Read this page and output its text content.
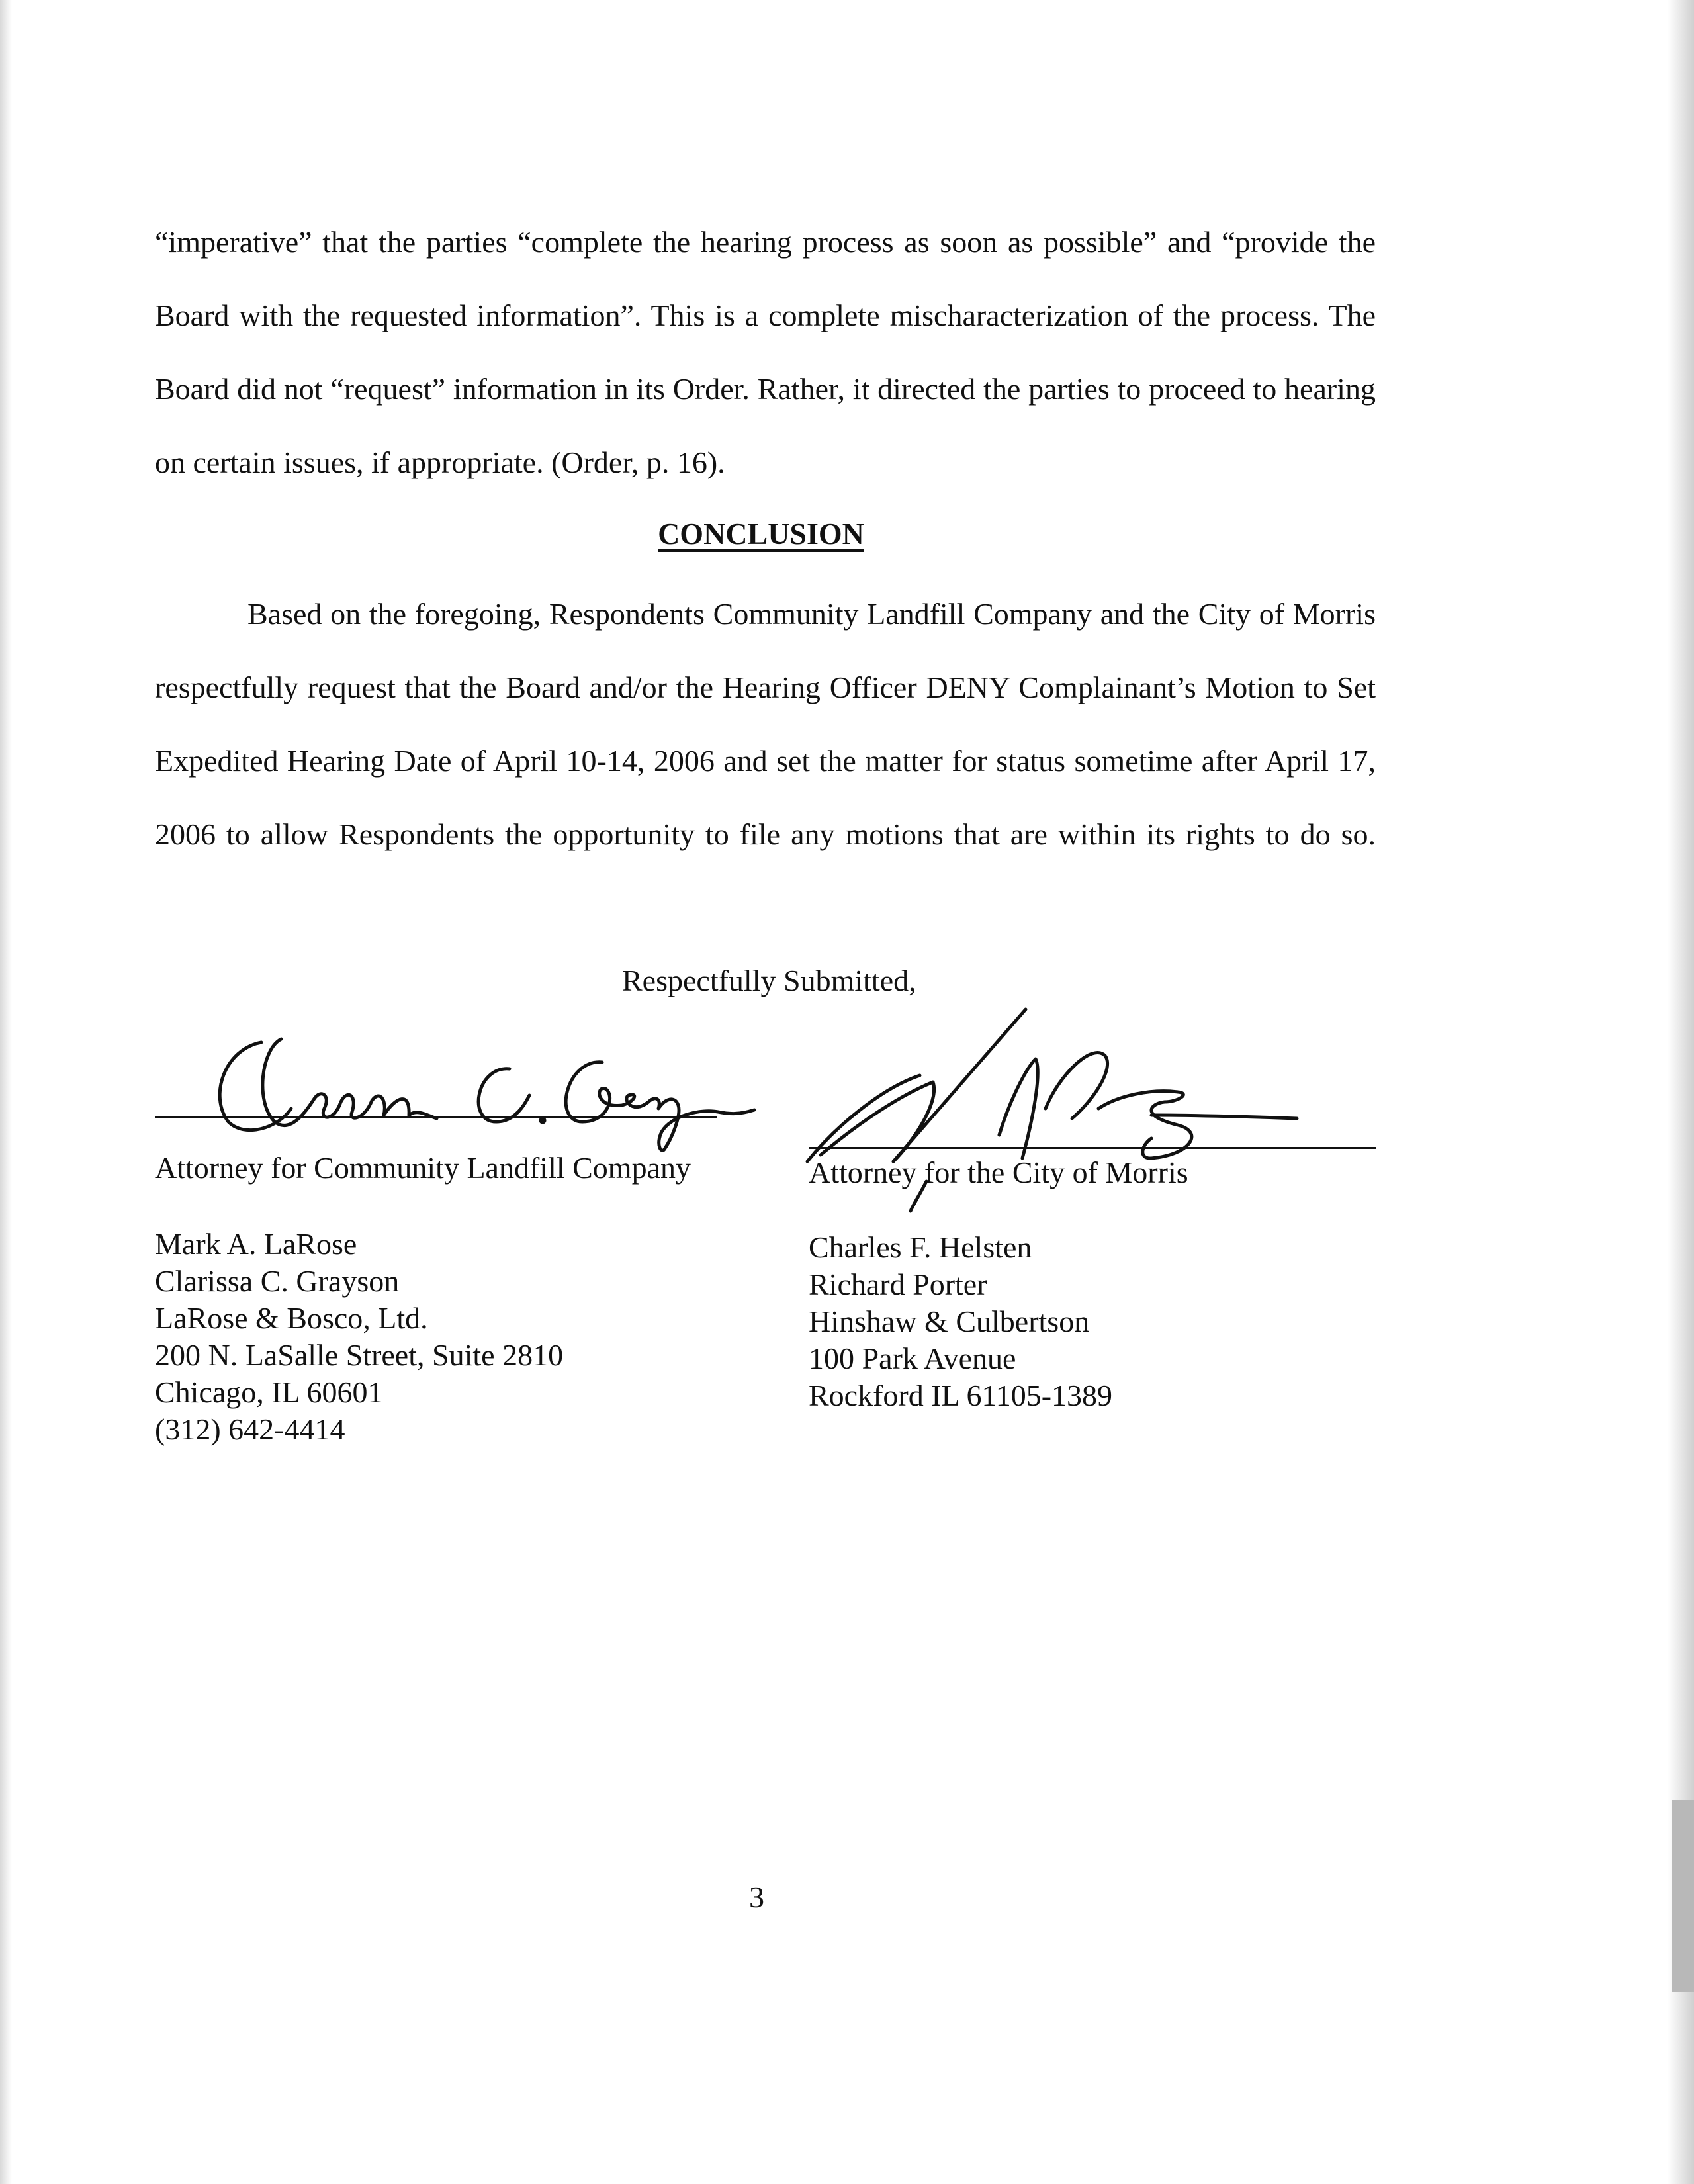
“imperative” that the parties “complete the hearing process as soon as possible” and “provide the
Board with the requested information”. This is a complete mischaracterization of the process. The
Board did not “request” information in its Order. Rather, it directed the parties to proceed to hearing
on certain issues, if appropriate. (Order, p. 16).
CONCLUSION
Based on the foregoing, Respondents Community Landfill Company and the City of Morris
respectfully request that the Board and/or the Hearing Officer DENY Complainant’s Motion to Set
Expedited Hearing Date of April 10-14, 2006 and set the matter for status sometime after April 17,
2006 to allow Respondents the opportunity to file any motions that are within its rights to do so.

Respectfully Submitted,

Attorney for Community Landfill Company

Mark A. LaRose
Clarissa C. Grayson
LaRose & Bosco, Ltd.
200 N. LaSalle Street, Suite 2810
Chicago, IL 60601
(312) 642-4414

Attorney for the City of Morris

Charles F. Helsten
Richard Porter
Hinshaw & Culbertson
100 Park Avenue
Rockford IL 61105-1389

3
